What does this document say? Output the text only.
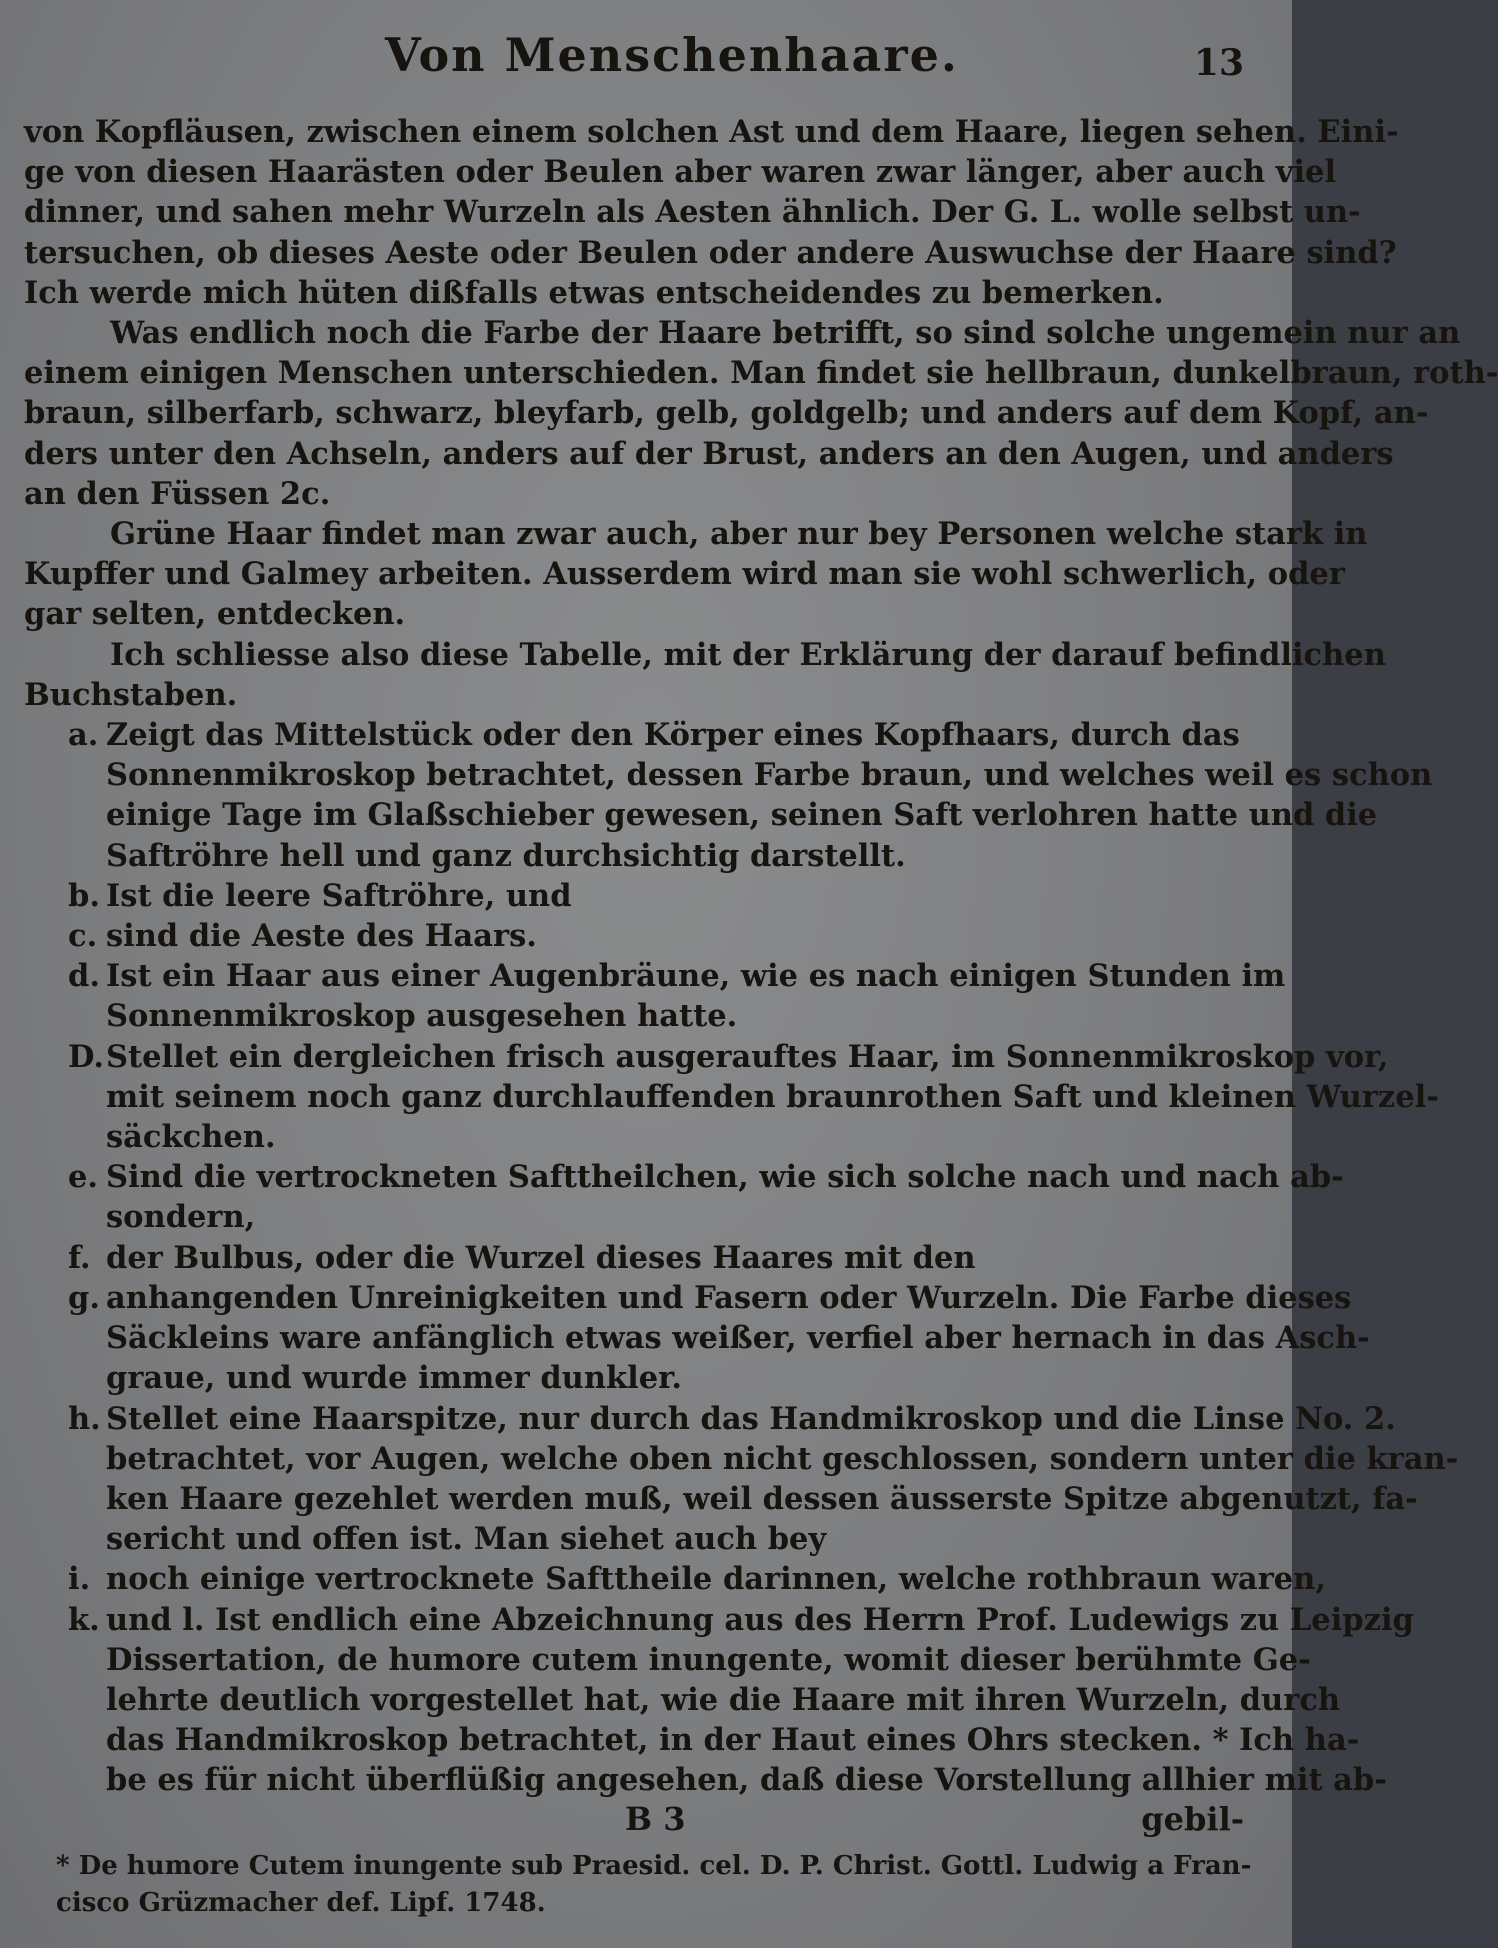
Von Menschenhaare.	13
von Kopfläusen, zwischen einem solchen Ast und dem Haare, liegen sehen. Eini-
ge von diesen Haarästen oder Beulen aber waren zwar länger, aber auch viel
dinner, und sahen mehr Wurzeln als Aesten ähnlich. Der G. L. wolle selbst un-
tersuchen, ob dieses Aeste oder Beulen oder andere Auswuchse der Haare sind?
Ich werde mich hüten dißfalls etwas entscheidendes zu bemerken.
Was endlich noch die Farbe der Haare betrifft, so sind solche ungemein nur an
einem einigen Menschen unterschieden. Man findet sie hellbraun, dunkelbraun, roth-
braun, silberfarb, schwarz, bleyfarb, gelb, goldgelb; und anders auf dem Kopf, an-
ders unter den Achseln, anders auf der Brust, anders an den Augen, und anders
an den Füssen 2c.
Grüne Haar findet man zwar auch, aber nur bey Personen welche stark in
Kupffer und Galmey arbeiten. Ausserdem wird man sie wohl schwerlich, oder
gar selten, entdecken.
Ich schliesse also diese Tabelle, mit der Erklärung der darauf befindlichen
Buchstaben.
a. Zeigt das Mittelstück oder den Körper eines Kopfhaars, durch das
Sonnenmikroskop betrachtet, dessen Farbe braun, und welches weil es schon
einige Tage im Glaßschieber gewesen, seinen Saft verlohren hatte und die
Saftröhre hell und ganz durchsichtig darstellt.
b. Ist die leere Saftröhre, und
c. sind die Aeste des Haars.
d. Ist ein Haar aus einer Augenbräune, wie es nach einigen Stunden im
Sonnenmikroskop ausgesehen hatte.
D. Stellet ein dergleichen frisch ausgerauftes Haar, im Sonnenmikroskop vor,
mit seinem noch ganz durchlauffenden braunrothen Saft und kleinen Wurzel-
säckchen.
e. Sind die vertrockneten Safttheilchen, wie sich solche nach und nach ab-
sondern,
f. der Bulbus, oder die Wurzel dieses Haares mit den
g. anhangenden Unreinigkeiten und Fasern oder Wurzeln. Die Farbe dieses
Säckleins ware anfänglich etwas weißer, verfiel aber hernach in das Asch-
graue, und wurde immer dunkler.
h. Stellet eine Haarspitze, nur durch das Handmikroskop und die Linse No. 2.
betrachtet, vor Augen, welche oben nicht geschlossen, sondern unter die kran-
ken Haare gezehlet werden muß, weil dessen äusserste Spitze abgenutzt, fa-
sericht und offen ist. Man siehet auch bey
i. noch einige vertrocknete Safttheile darinnen, welche rothbraun waren,
k. und l. Ist endlich eine Abzeichnung aus des Herrn Prof. Ludewigs zu Leipzig
Dissertation, de humore cutem inungente, womit dieser berühmte Ge-
lehrte deutlich vorgestellet hat, wie die Haare mit ihren Wurzeln, durch
das Handmikroskop betrachtet, in der Haut eines Ohrs stecken. * Ich ha-
be es für nicht überflüßig angesehen, daß diese Vorstellung allhier mit ab-
B 3	gebil-
* De humore Cutem inungente sub Praesid. cel. D. P. Christ. Gottl. Ludwig a Fran-
cisco Grüzmacher def. Lipf. 1748.
